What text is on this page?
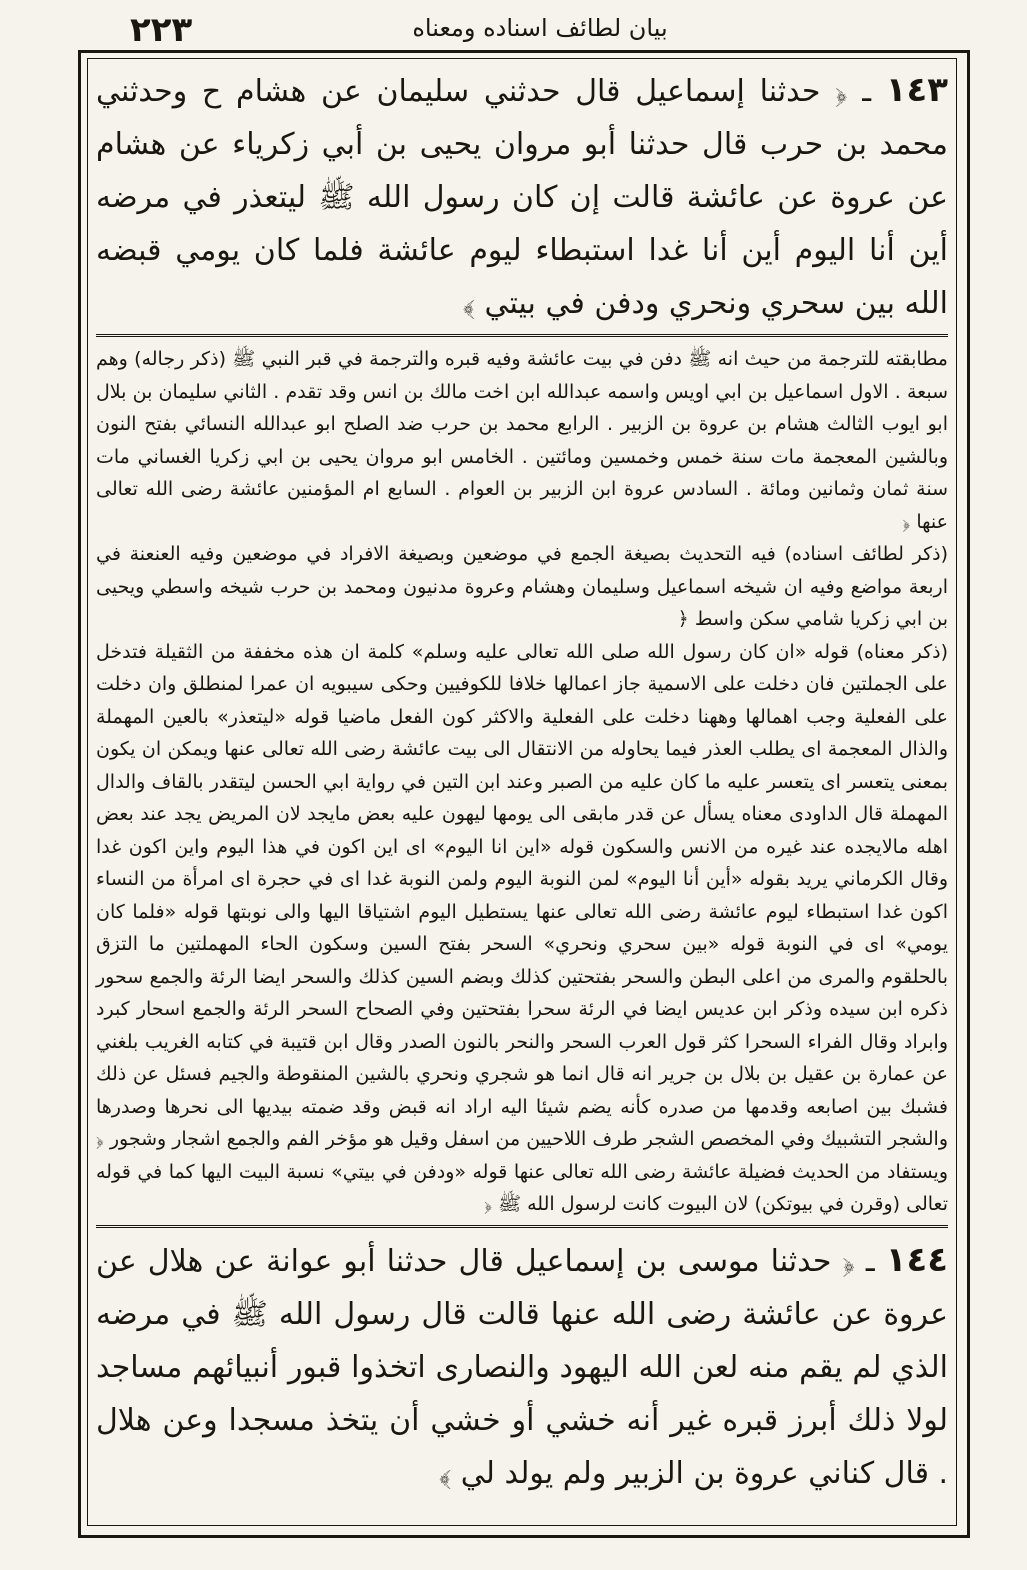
بيان لطائف اسناده ومعناه
٢٢٣
١٤٣ ـ ﴿ حدثنا إسماعيل قال حدثني سليمان عن هشام ح وحدثني محمد بن حرب قال حدثنا أبو مروان يحيى بن أبي زكرياء عن هشام عن عروة عن عائشة قالت إن كان رسول الله ﷺ ليتعذر في مرضه أين أنا اليوم أين أنا غدا استبطاء ليوم عائشة فلما كان يومي قبضه الله بين سحري ونحري ودفن في بيتي ﴾
مطابقته للترجمة من حيث انه ﷺ دفن في بيت عائشة وفيه قبره والترجمة في قبر النبي ﷺ (ذكر رجاله) وهم سبعة . الاول اسماعيل بن ابي اويس واسمه عبدالله ابن اخت مالك بن انس وقد تقدم . الثاني سليمان بن بلال ابو ايوب الثالث هشام بن عروة بن الزبير . الرابع محمد بن حرب ضد الصلح ابو عبدالله النسائي بفتح النون وبالشين المعجمة مات سنة خمس وخمسين ومائتين . الخامس ابو مروان يحيى بن ابي زكريا الغساني مات سنة ثمان وثمانين ومائة . السادس عروة ابن الزبير بن العوام . السابع ام المؤمنين عائشة رضى الله تعالى عنها ﴿
(ذكر لطائف اسناده) فيه التحديث بصيغة الجمع في موضعين وبصيغة الافراد في موضعين وفيه العنعنة في اربعة مواضع وفيه ان شيخه اسماعيل وسليمان وهشام وعروة مدنيون ومحمد بن حرب شيخه واسطي ويحيى بن ابي زكريا شامي سكن واسط ﴿
(ذكر معناه) قوله «ان كان رسول الله صلى الله تعالى عليه وسلم» كلمة ان هذه مخففة من الثقيلة فتدخل على الجملتين فان دخلت على الاسمية جاز اعمالها خلافا للكوفيين وحكى سيبويه ان عمرا لمنطلق وان دخلت على الفعلية وجب اهمالها وههنا دخلت على الفعلية والاكثر كون الفعل ماضيا قوله «ليتعذر» بالعين المهملة والذال المعجمة اى يطلب العذر فيما يحاوله من الانتقال الى بيت عائشة رضى الله تعالى عنها ويمكن ان يكون بمعنى يتعسر اى يتعسر عليه ما كان عليه من الصبر وعند ابن التين في رواية ابي الحسن ليتقدر بالقاف والدال المهملة قال الداودى معناه يسأل عن قدر مابقى الى يومها ليهون عليه بعض مايجد لان المريض يجد عند بعض اهله مالايجده عند غيره من الانس والسكون قوله «اين انا اليوم» اى اين اكون في هذا اليوم واين اكون غدا وقال الكرماني يريد بقوله «أين أنا اليوم» لمن النوبة اليوم ولمن النوبة غدا اى في حجرة اى امرأة من النساء اكون غدا استبطاء ليوم عائشة رضى الله تعالى عنها يستطيل اليوم اشتياقا اليها والى نوبتها قوله «فلما كان يومي» اى في النوبة قوله «بين سحري ونحري» السحر بفتح السين وسكون الحاء المهملتين ما التزق بالحلقوم والمرى من اعلى البطن والسحر بفتحتين كذلك وبضم السين كذلك والسحر ايضا الرئة والجمع سحور ذكره ابن سيده وذكر ابن عديس ايضا في الرئة سحرا بفتحتين وفي الصحاح السحر الرئة والجمع اسحار كبرد وابراد وقال الفراء السحرا كثر قول العرب السحر والنحر بالنون الصدر وقال ابن قتيبة في كتابه الغريب بلغني عن عمارة بن عقيل بن بلال بن جرير انه قال انما هو شجري ونحري بالشين المنقوطة والجيم فسئل عن ذلك فشبك بين اصابعه وقدمها من صدره كأنه يضم شيئا اليه اراد انه قبض وقد ضمته بيديها الى نحرها وصدرها والشجر التشبيك وفي المخصص الشجر طرف اللاحيين من اسفل وقيل هو مؤخر الفم والجمع اشجار وشجور ﴿ ويستفاد من الحديث فضيلة عائشة رضى الله تعالى عنها قوله «ودفن في بيتي» نسبة البيت اليها كما في قوله تعالى (وقرن في بيوتكن) لان البيوت كانت لرسول الله ﷺ ﴿
١٤٤ ـ ﴿ حدثنا موسى بن إسماعيل قال حدثنا أبو عوانة عن هلال عن عروة عن عائشة رضى الله عنها قالت قال رسول الله ﷺ في مرضه الذي لم يقم منه لعن الله اليهود والنصارى اتخذوا قبور أنبيائهم مساجد لولا ذلك أبرز قبره غير أنه خشي أو خشي أن يتخذ مسجدا وعن هلال . قال كناني عروة بن الزبير ولم يولد لي ﴾
